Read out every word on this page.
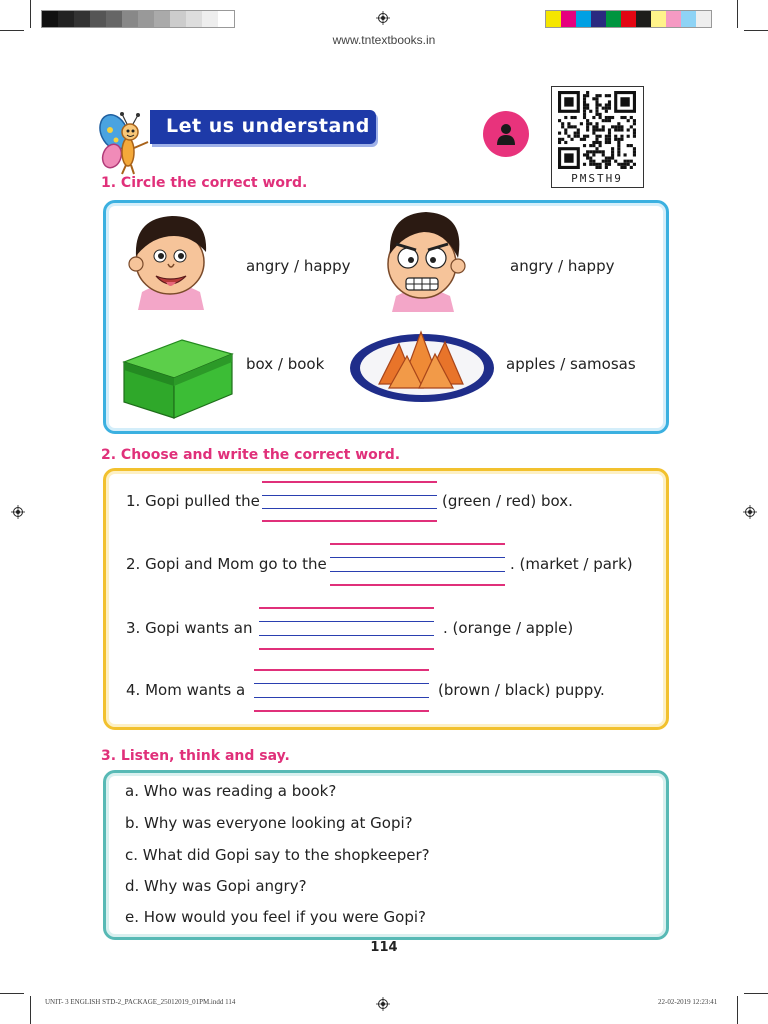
www.tntextbooks.in
Let us understand
PMSTH9
1. Circle the correct word.
angry / happy	angry / happy
box / book	apples / samosas
2. Choose and write the correct word.
1. Gopi pulled the	(green / red) box.
2. Gopi and Mom go to the	. (market / park)
3. Gopi wants an	. (orange / apple)
4. Mom wants a	(brown / black) puppy.
3. Listen, think and say.
a. Who was reading a book?
b. Why was everyone looking at Gopi?
c. What did Gopi say to the shopkeeper?
d. Why was Gopi angry?
e. How would you feel if you were Gopi?
114
UNIT- 3 ENGLISH STD-2_PACKAGE_25012019_01PM.indd 114	22-02-2019 12:23:41
